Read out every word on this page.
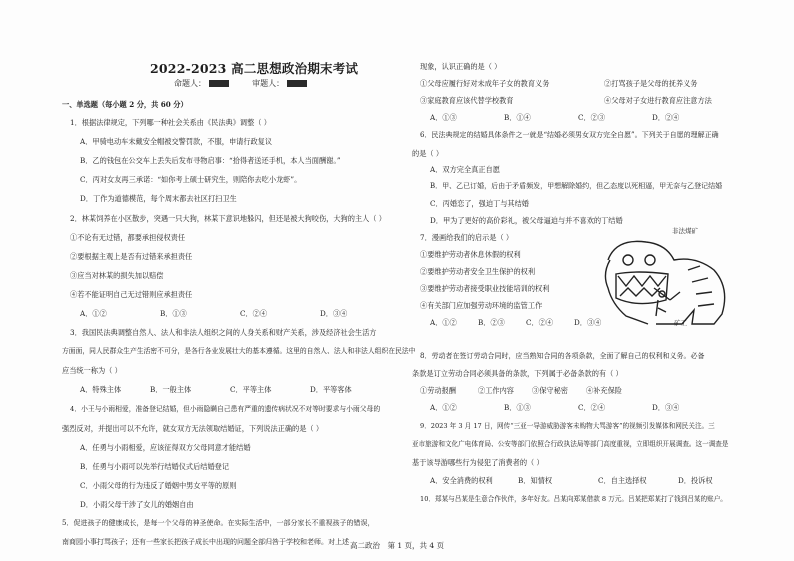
2022-2023 高二思想政治期末考试
命题人：	审题人：
一、单选题（每小题 2 分，共 60 分）
1．根据法律规定，下列哪一种社会关系由《民法典》调整（ ）
A．甲骑电动车未戴安全帽被交警罚款，不服，申请行政复议
B．乙的钱包在公交车上丢失后发布寻物启事：“拾得者送还手机，本人当面酬谢。”
C．丙对女友再三承诺：“如你考上硕士研究生，则陪你去吃小龙虾”。
D．丁作为道德模范，每个周末都去社区打扫卫生
2．林某饲养在小区散步，突遇一只大狗，林某下意识地躲闪，但还是被大狗咬伤，大狗的主人（ ）
①不论有无过错，都要承担侵权责任
②要根据主观上是否有过错来承担责任
③应当对林某的损失加以赔偿
④若不能证明自己无过错则应承担责任
A．①②	B．①③	C．②④	D．③④
3．我国民法典调整自然人、法人和非法人组织之间的人身关系和财产关系，涉及经济社会生活方
方面面，同人民群众生产生活密不可分，是各行各业发展壮大的基本遵循。这里的自然人、法人和非法人组织在民法中
应当统一称为（ ）
A．特殊主体	B．一般主体	C．平等主体	D．平等客体
4．小王与小雨相爱，准备登记结婚，但小雨隐瞒自己患有严重的遗传病状况不对等时要求与小雨父母的
强烈反对，并提出可以不允许，就女双方无法领取结婚证，下列说法正确的是（ ）
A．任勇与小雨相爱，应该征得双方父母同意才能结婚
B．任勇与小雨可以先举行结婚仪式后结婚登记
C．小雨父母的行为违反了婚姻中男女平等的原则
D．小雨父母干涉了女儿的婚姻自由
5．促进孩子的健康成长，是每一个父母的神圣使命。在实际生活中，一部分家长不重视孩子的错误，
南商园小事打骂孩子；还有一些家长把孩子成长中出现的问题全部归咎于学校和老师。对上述
现象，认识正确的是（ ）
①父母应履行好对未成年子女的教育义务	②打骂孩子是父母的抚养义务
③家庭教育应该代替学校教育	④父母对子女进行教育应注意方法
A．①③	B．①④	C．②③	D．②④
6．民法典规定的结婚具体条件之一就是“结婚必须男女双方完全自愿”。下列关于自愿的理解正确
的是（ ）
A．双方完全真正自愿
B．甲、乙已订婚，后由于矛盾频发，甲想解除婚约，但乙态度以死相逼，甲无奈与乙登记结婚
C．丙婚恋了，强迫丁与其结婚
D．甲为了更好的高价彩礼，被父母逼迫与并不喜欢的丁结婚
7．漫画给我们的启示是（ ）
①要维护劳动者休息休假的权利
②要维护劳动者安全卫生保护的权利
③要维护劳动者接受职业技能培训的权利
④有关部门应加强劳动环境的监管工作
A．①②	B．②③	C．②④	D．③④
8．劳动者在签订劳动合同时，应当熟知合同的各项条款，全面了解自己的权利和义务。必备
条款是订立劳动合同必须具备的条款，下列属于必备条款的有（ ）
①劳动报酬	②工作内容	③保守秘密	④补充保险
A．①②	B．①③	C．②④	D．③④
9．2023 年 3 月 17 日，网传“三亚一导游威胁游客未购物大骂游客”的视频引发媒体和网民关注。三
亚市旅游和文化广电体育局、公安等部门依照合行政执法局等部门高度重视，立即组织开展调查。这一调查是
基于该导游哪些行为侵犯了消费者的（ ）
A．安全消费的权利	B．知情权	C．自主选择权	D．投诉权
10．郑某与吕某是生意合作伙伴，多年好友。吕某向郑某借款 8 万元。吕某把郑某打了钱到吕某的账户。
非法煤矿
矿工
高二政治　第 1 页，共 4 页
